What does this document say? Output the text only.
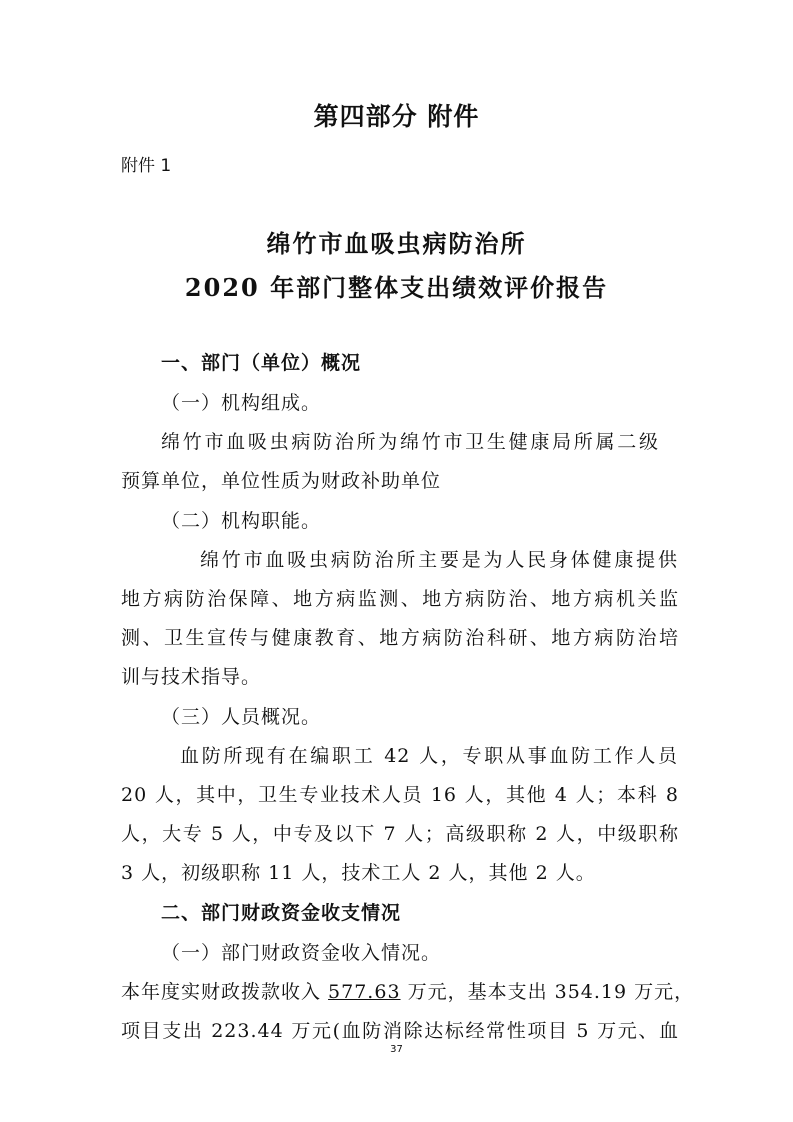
第四部分 附件
附件 1
绵竹市血吸虫病防治所
2020 年部门整体支出绩效评价报告
一、部门（单位）概况
（一）机构组成。
绵竹市血吸虫病防治所为绵竹市卫生健康局所属二级
预算单位，单位性质为财政补助单位
（二）机构职能。
绵竹市血吸虫病防治所主要是为人民身体健康提供
地方病防治保障、地方病监测、地方病防治、地方病机关监
测、卫生宣传与健康教育、地方病防治科研、地方病防治培
训与技术指导。
（三）人员概况。
血防所现有在编职工 42 人，专职从事血防工作人员
20 人，其中，卫生专业技术人员 16 人，其他 4 人；本科 8
人，大专 5 人，中专及以下 7 人；高级职称 2 人，中级职称
3 人，初级职称 11 人，技术工人 2 人，其他 2 人。
二、部门财政资金收支情况
（一）部门财政资金收入情况。
本年度实财政拨款收入 577.63 万元，基本支出 354.19 万元，
项目支出 223.44 万元(血防消除达标经常性项目 5 万元、血
37
